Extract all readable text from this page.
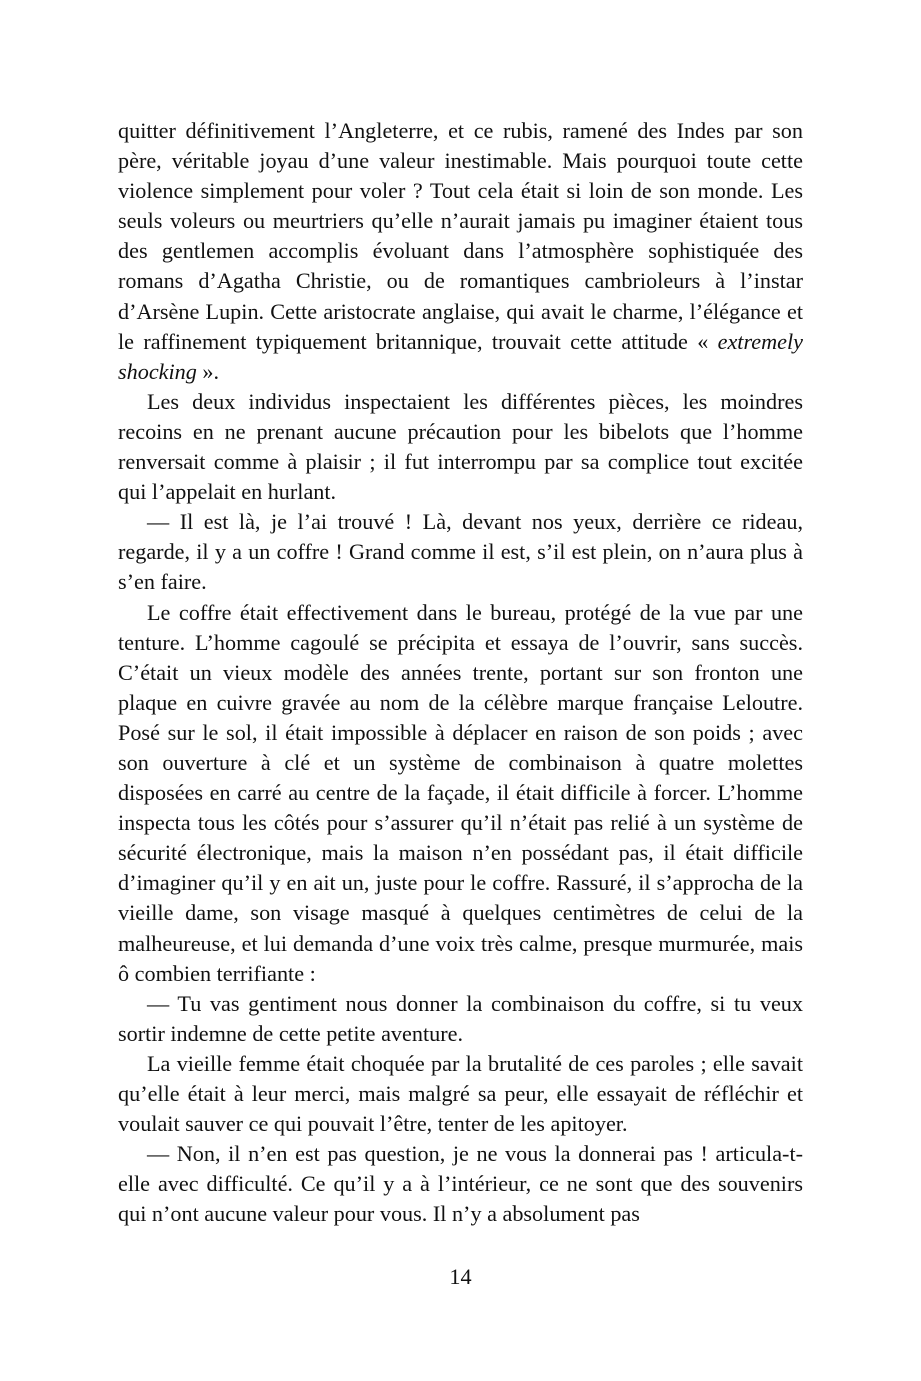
quitter définitivement l’Angleterre, et ce rubis, ramené des Indes par son père, véritable joyau d’une valeur inestimable. Mais pourquoi toute cette violence simplement pour voler ? Tout cela était si loin de son monde. Les seuls voleurs ou meurtriers qu’elle n’aurait jamais pu imaginer étaient tous des gentlemen accomplis évoluant dans l’atmosphère sophistiquée des romans d’Agatha Christie, ou de romantiques cambrioleurs à l’instar d’Arsène Lupin. Cette aristocrate anglaise, qui avait le charme, l’élégance et le raffinement typiquement britannique, trouvait cette attitude « extremely shocking ».

Les deux individus inspectaient les différentes pièces, les moindres recoins en ne prenant aucune précaution pour les bibelots que l’homme renversait comme à plaisir ; il fut interrompu par sa complice tout excitée qui l’appelait en hurlant.

— Il est là, je l’ai trouvé ! Là, devant nos yeux, derrière ce rideau, regarde, il y a un coffre ! Grand comme il est, s’il est plein, on n’aura plus à s’en faire.

Le coffre était effectivement dans le bureau, protégé de la vue par une tenture. L’homme cagoulé se précipita et essaya de l’ouvrir, sans succès. C’était un vieux modèle des années trente, portant sur son fronton une plaque en cuivre gravée au nom de la célèbre marque française Leloutre. Posé sur le sol, il était impossible à déplacer en raison de son poids ; avec son ouverture à clé et un système de combinaison à quatre molettes disposées en carré au centre de la façade, il était difficile à forcer. L’homme inspecta tous les côtés pour s’assurer qu’il n’était pas relié à un système de sécurité électronique, mais la maison n’en possédant pas, il était difficile d’imaginer qu’il y en ait un, juste pour le coffre. Rassuré, il s’approcha de la vieille dame, son visage masqué à quelques centimètres de celui de la malheureuse, et lui demanda d’une voix très calme, presque murmurée, mais ô combien terrifiante :

— Tu vas gentiment nous donner la combinaison du coffre, si tu veux sortir indemne de cette petite aventure.

La vieille femme était choquée par la brutalité de ces paroles ; elle savait qu’elle était à leur merci, mais malgré sa peur, elle essayait de réfléchir et voulait sauver ce qui pouvait l’être, tenter de les apitoyer.

— Non, il n’en est pas question, je ne vous la donnerai pas ! articula-t-elle avec difficulté. Ce qu’il y a à l’intérieur, ce ne sont que des souvenirs qui n’ont aucune valeur pour vous. Il n’y a absolument pas

14
